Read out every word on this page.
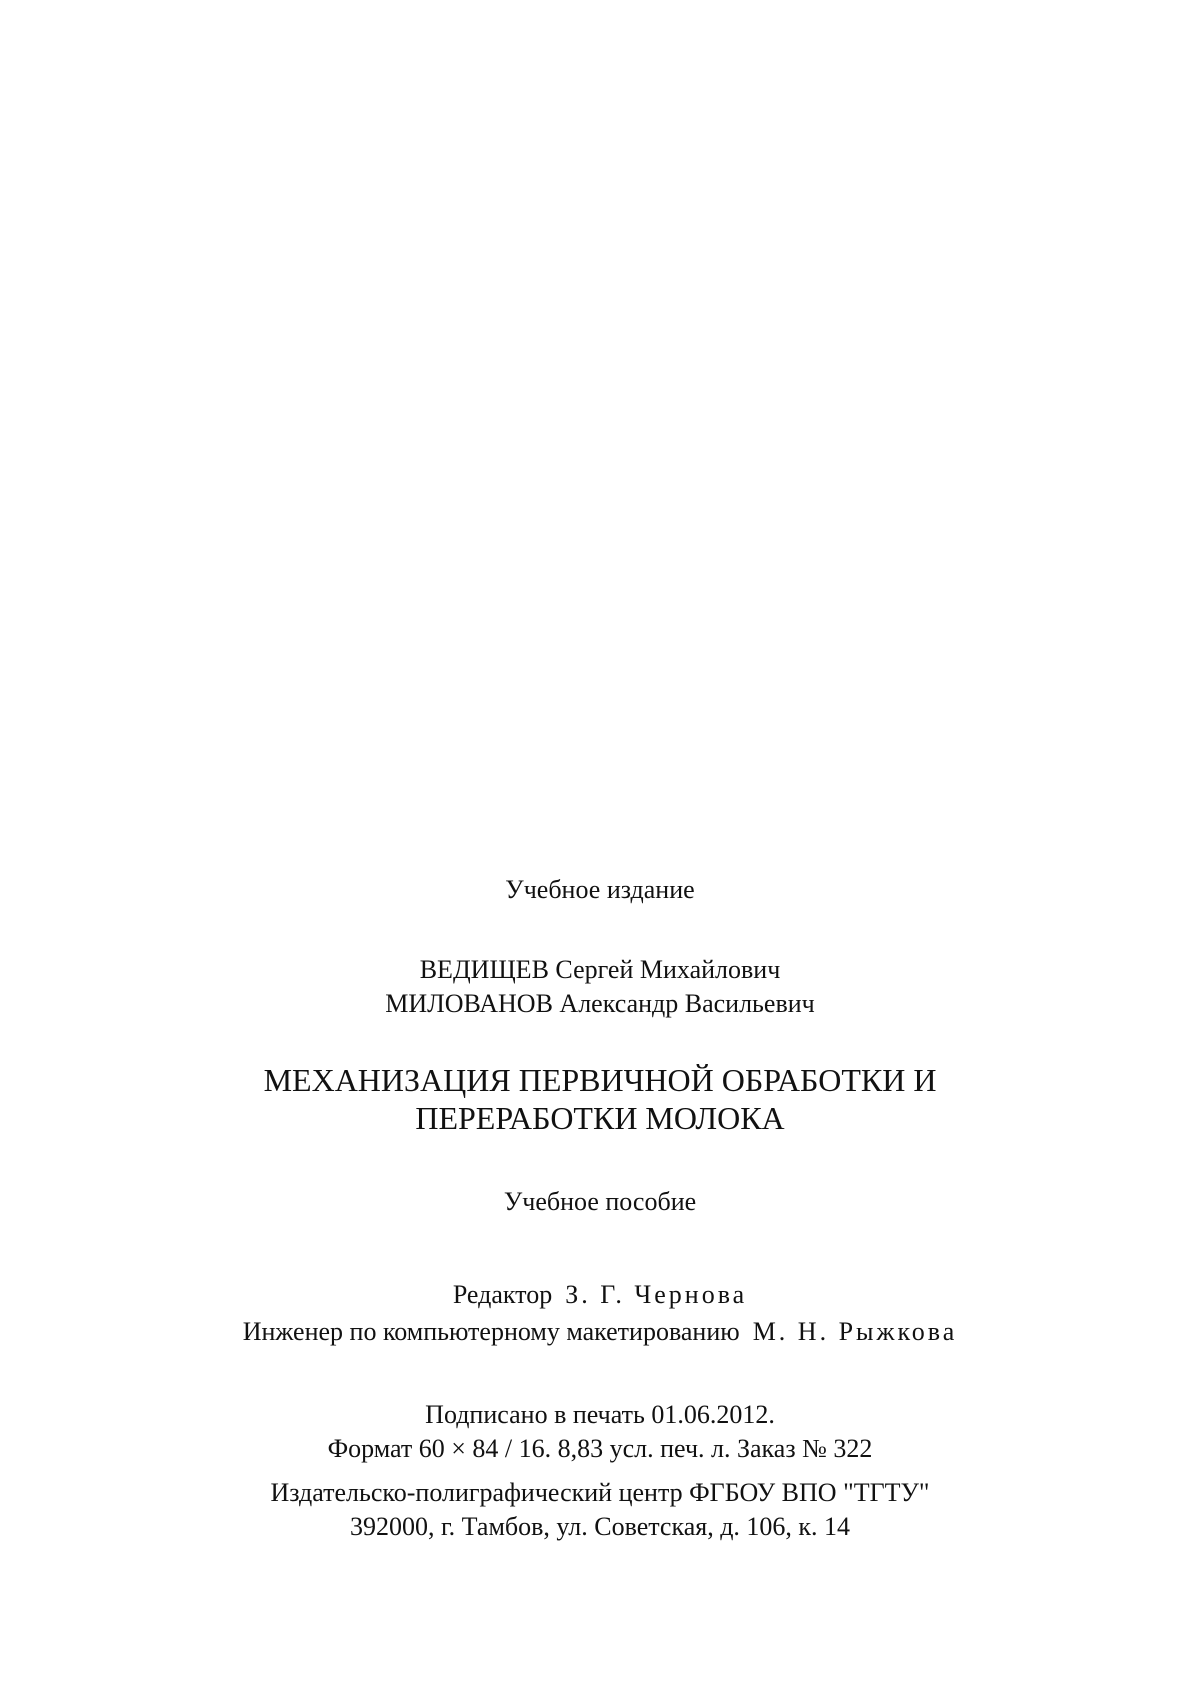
Учебное издание
ВЕДИЩЕВ Сергей Михайлович
МИЛОВАНОВ Александр Васильевич
МЕХАНИЗАЦИЯ ПЕРВИЧНОЙ ОБРАБОТКИ И
ПЕРЕРАБОТКИ МОЛОКА
Учебное пособие
Редактор З. Г. Чернова
Инженер по компьютерному макетированию М. Н. Рыжкова
Подписано в печать 01.06.2012.
Формат 60 × 84 / 16. 8,83 усл. печ. л. Заказ № 322
Издательско-полиграфический центр ФГБОУ ВПО "ТГТУ"
392000, г. Тамбов, ул. Советская, д. 106, к. 14
